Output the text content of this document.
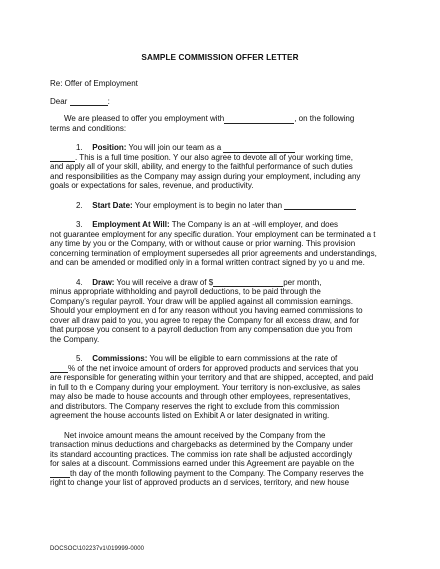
SAMPLE COMMISSION OFFER LETTER
Re: Offer of Employment
Dear	:
We are pleased to offer you employment with	, on the following
terms and conditions:
1. Position: You will join our team as a
. This is a full time position. Y our also agree to devote all of your working time,
and apply all of your skill, ability, and energy to the faithful performance of such duties
and responsibilities as the Company may assign during your employment, including any
goals or expectations for sales, revenue, and productivity.
2. Start Date: Your employment is to begin no later than
3. Employment At Will: The Company is an at -will employer, and does
not guarantee employment for any specific duration. Your employment can be terminated a t
any time by you or the Company, with or without cause or prior warning. This provision
concerning termination of employment supersedes all prior agreements and understandings,
and can be amended or modified only in a formal written contract signed by yo u and me.
4. Draw: You will receive a draw of $	per month,
minus appropriate withholding and payroll deductions, to be paid through the
Company's regular payroll. Your draw will be applied against all commission earnings.
Should your employment en d for any reason without you having earned commissions to
cover all draw paid to you, you agree to repay the Company for all excess draw, and for
that purpose you consent to a payroll deduction from any compensation due you from
the Company.
5. Commissions: You will be eligible to earn commissions at the rate of
% of the net invoice amount of orders for approved products and services that you
are responsible for generating within your territory and that are shipped, accepted, and paid
in full to th e Company during your employment. Your territory is non-exclusive, as sales
may also be made to house accounts and through other employees, representatives,
and distributors. The Company reserves the right to exclude from this commission
agreement the house accounts listed on Exhibit A or later designated in writing.
Net invoice amount means the amount received by the Company from the
transaction minus deductions and chargebacks as determined by the Company under
its standard accounting practices. The commiss ion rate shall be adjusted accordingly
for sales at a discount. Commissions earned under this Agreement are payable on the
th day of the month following payment to the Company. The Company reserves the
right to change your list of approved products an d services, territory, and new house
DOCSOC\102237v1\019999-0000
